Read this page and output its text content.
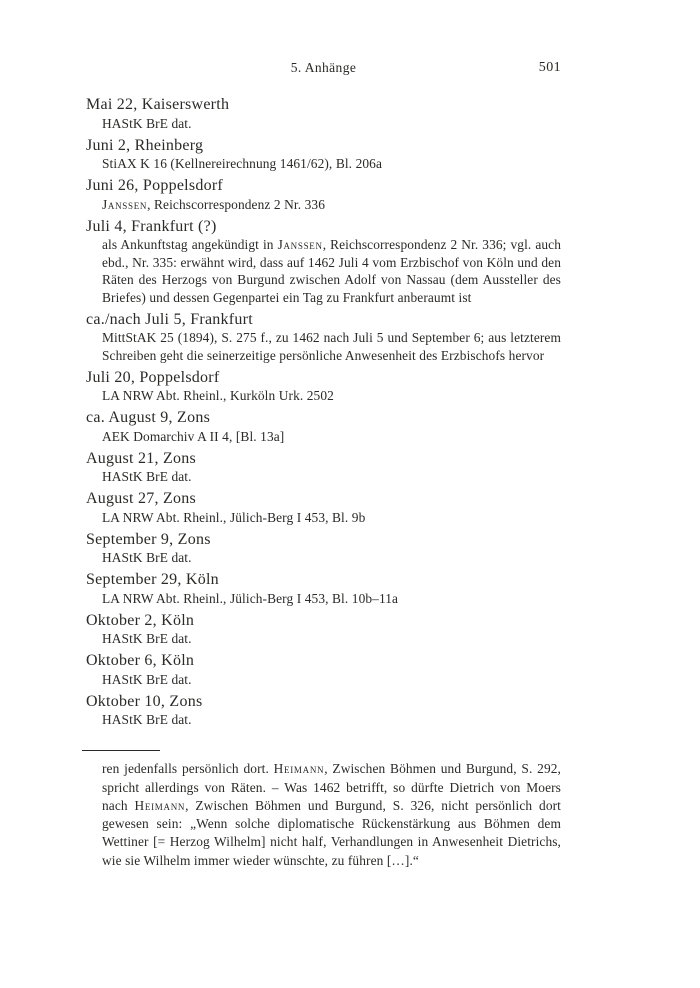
5. Anhänge	501
Mai 22, Kaiserswerth
HAStK BrE dat.
Juni 2, Rheinberg
StiAX K 16 (Kellnereirechnung 1461/62), Bl. 206a
Juni 26, Poppelsdorf
Janssen, Reichscorrespondenz 2 Nr. 336
Juli 4, Frankfurt (?)
als Ankunftstag angekündigt in Janssen, Reichscorrespondenz 2 Nr. 336; vgl. auch ebd., Nr. 335: erwähnt wird, dass auf 1462 Juli 4 vom Erzbischof von Köln und den Räten des Herzogs von Burgund zwischen Adolf von Nassau (dem Aussteller des Briefes) und dessen Gegenpartei ein Tag zu Frankfurt anberaumt ist
ca./nach Juli 5, Frankfurt
MittStAK 25 (1894), S. 275 f., zu 1462 nach Juli 5 und September 6; aus letzterem Schreiben geht die seinerzeitige persönliche Anwesenheit des Erzbischofs hervor
Juli 20, Poppelsdorf
LA NRW Abt. Rheinl., Kurköln Urk. 2502
ca. August 9, Zons
AEK Domarchiv A II 4, [Bl. 13a]
August 21, Zons
HAStK BrE dat.
August 27, Zons
LA NRW Abt. Rheinl., Jülich-Berg I 453, Bl. 9b
September 9, Zons
HAStK BrE dat.
September 29, Köln
LA NRW Abt. Rheinl., Jülich-Berg I 453, Bl. 10b–11a
Oktober 2, Köln
HAStK BrE dat.
Oktober 6, Köln
HAStK BrE dat.
Oktober 10, Zons
HAStK BrE dat.
ren jedenfalls persönlich dort. Heimann, Zwischen Böhmen und Burgund, S. 292, spricht allerdings von Räten. – Was 1462 betrifft, so dürfte Dietrich von Moers nach Heimann, Zwischen Böhmen und Burgund, S. 326, nicht persönlich dort gewesen sein: „Wenn solche diplomatische Rückenstärkung aus Böhmen dem Wettiner [= Herzog Wilhelm] nicht half, Verhandlungen in Anwesenheit Dietrichs, wie sie Wilhelm immer wieder wünschte, zu führen […].“
